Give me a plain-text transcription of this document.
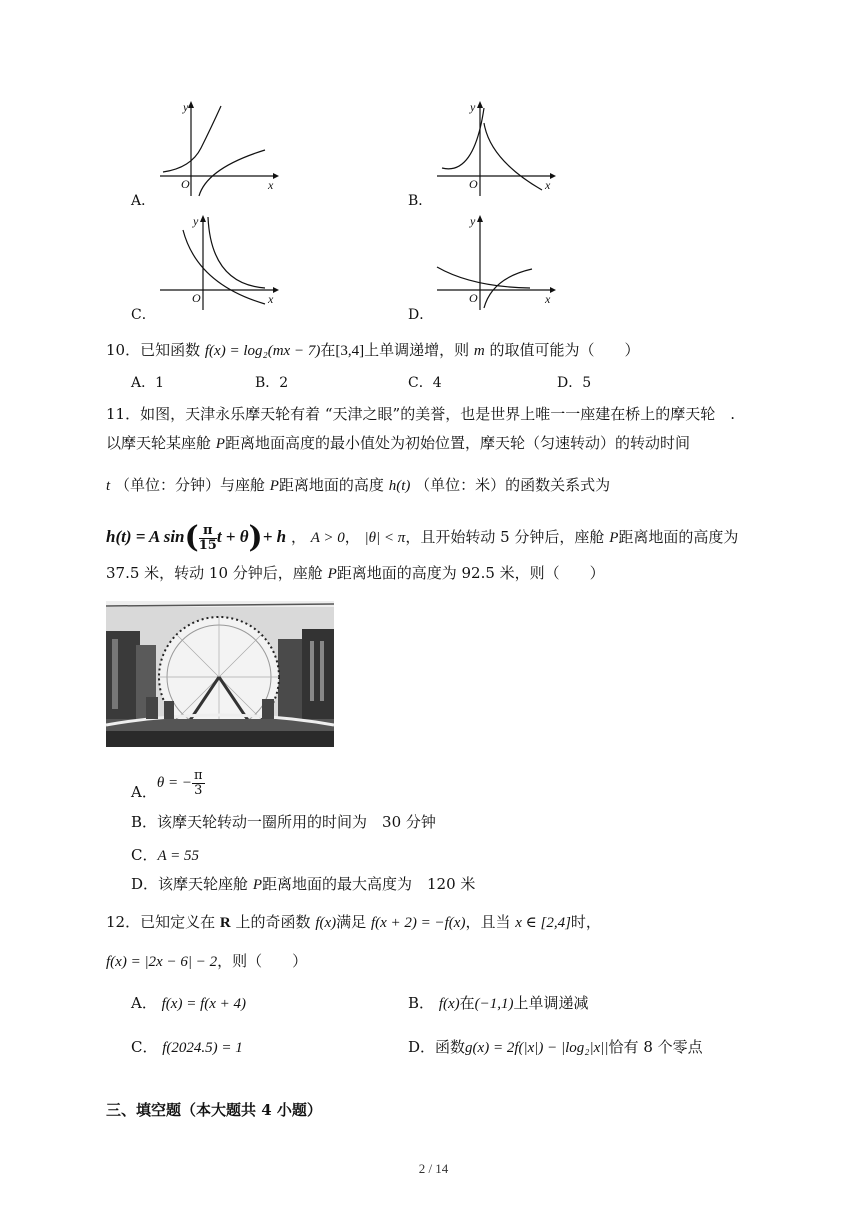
A．
y
O	x
B．
y
O	x
C．
y
O	x
D．
y
O	x
10．已知函数 f(x) = log₂(mx − 7)在[3,4]上单调递增，则 m 的取值可能为（　　）
A．1	B．2	C．4	D．5
11．如图，天津永乐摩天轮有着 “天津之眼”的美誉，也是世界上唯一一座建在桥上的摩天轮　.
以摩天轮某座舱 P距离地面高度的最小值处为初始位置，摩天轮（匀速转动）的转动时间
t （单位：分钟）与座舱 P距离地面的高度 h(t) （单位：米）的函数关系式为
h(t) = A $\sin( \frac{\pi}{15}$ t + θ)+ h ， A > 0， |θ| < π，且开始转动 5 分钟后，座舱 P距离地面的高度为
37.5 米，转动 10 分钟后，座舱 P距离地面的高度为 92.5 米，则（　　）
A．θ = − $\frac{\pi}{3}$
B．该摩天轮转动一圈所用的时间为　30 分钟
C．A = 55
D．该摩天轮座舱 P距离地面的最大高度为　120 米
12．已知定义在 R 上的奇函数 f(x)满足 f(x + 2) = −f(x)，且当 x ∈ [2,4]时，
f(x) = |2x − 6| − 2，则（　　）
A． f(x) = f(x + 4)	B． f(x)在(−1,1)上单调递减
C． f(2024.5) = 1	D．函数g(x) = 2f(|x|) − |log₂|x||恰有 8 个零点
三、填空题（本大题共 4 小题）
2 / 14
